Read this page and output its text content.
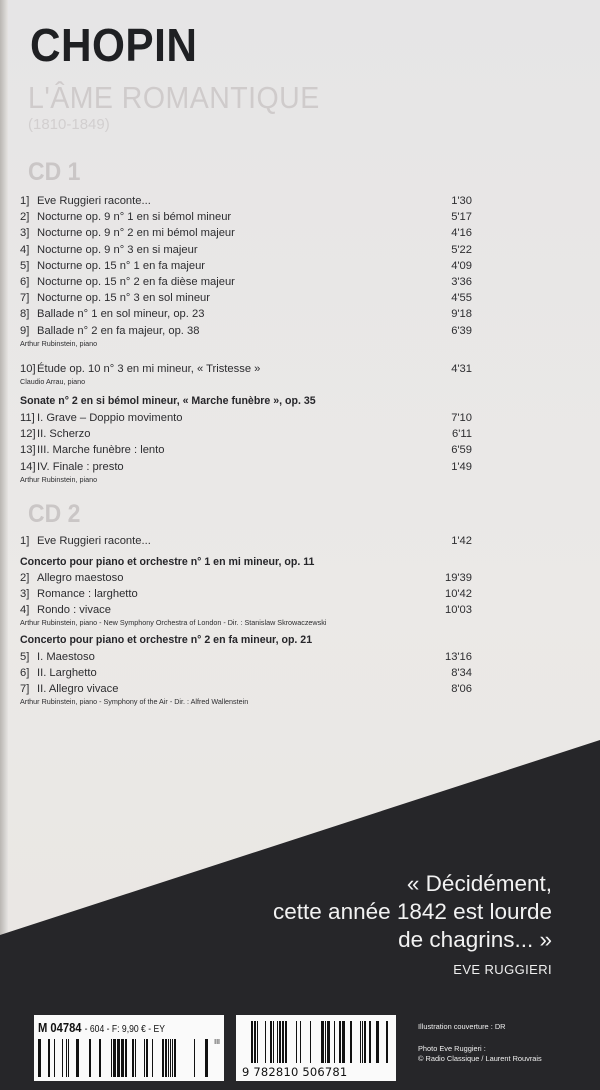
CHOPIN
L'ÂME ROMANTIQUE
(1810-1849)
CD 1
1] Eve Ruggieri raconte...	1'30
2] Nocturne op. 9 n° 1 en si bémol mineur	5'17
3] Nocturne op. 9 n° 2 en mi bémol majeur	4'16
4] Nocturne op. 9 n° 3 en si majeur	5'22
5] Nocturne op. 15 n° 1 en fa majeur	4'09
6] Nocturne op. 15 n° 2 en fa dièse majeur	3'36
7] Nocturne op. 15 n° 3 en sol mineur	4'55
8] Ballade n° 1 en sol mineur, op. 23	9'18
9] Ballade n° 2 en fa majeur, op. 38	6'39
Arthur Rubinstein, piano
10]Étude op. 10 n° 3 en mi mineur, « Tristesse »	4'31
Claudio Arrau, piano
Sonate n° 2 en si bémol mineur, « Marche funèbre », op. 35
11] I. Grave – Doppio movimento	7'10
12]II. Scherzo	6'11
13]III. Marche funèbre : lento	6'59
14]IV. Finale : presto	1'49
Arthur Rubinstein, piano
CD 2
1] Eve Ruggieri raconte...	1'42
Concerto pour piano et orchestre n° 1 en mi mineur, op. 11
2] Allegro maestoso	19'39
3] Romance : larghetto	10'42
4] Rondo : vivace	10'03
Arthur Rubinstein, piano - New Symphony Orchestra of London - Dir. : Stanislaw Skrowaczewski
Concerto pour piano et orchestre n° 2 en fa mineur, op. 21
5] I. Maestoso	13'16
6] II. Larghetto	8'34
7] II. Allegro vivace	8'06
Arthur Rubinstein, piano - Symphony of the Air - Dir. : Alfred Wallenstein

« Décidément,

cette année 1842 est lourde

de chagrins... »

EVE RUGGIERI
M 04784 - 604 - F: 9,90 € - EY
III
9 782810 506781

Illustration couverture : DR

Photo Eve Ruggieri :

© Radio Classique / Laurent Rouvrais
